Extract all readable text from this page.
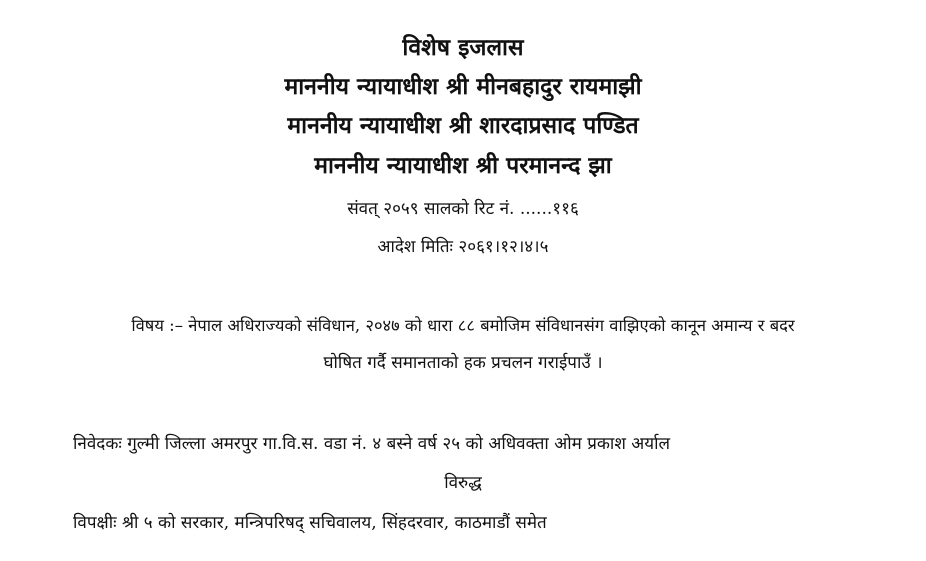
विशेष इजलास
माननीय न्यायाधीश श्री मीनबहादुर रायमाझी
माननीय न्यायाधीश श्री शारदाप्रसाद पण्डित
माननीय न्यायाधीश श्री परमानन्द झा
संवत् २०५९ सालको रिट नं. ......११६
आदेश मितिः २०६१।१२।४।५
विषय :– नेपाल अधिराज्यको संविधान, २०४७ को धारा ८८ बमोजिम संविधानसंग वाझिएको कानून अमान्य र बदर
घोषित गर्दै समानताको हक प्रचलन गराईपाउँ ।
निवेदकः गुल्मी जिल्ला अमरपुर गा.वि.स. वडा नं. ४ बस्ने वर्ष २५ को अधिवक्ता ओम प्रकाश अर्याल
विरुद्ध
विपक्षीः श्री ५ को सरकार, मन्त्रिपरिषद् सचिवालय, सिंहदरवार, काठमाडौं समेत
